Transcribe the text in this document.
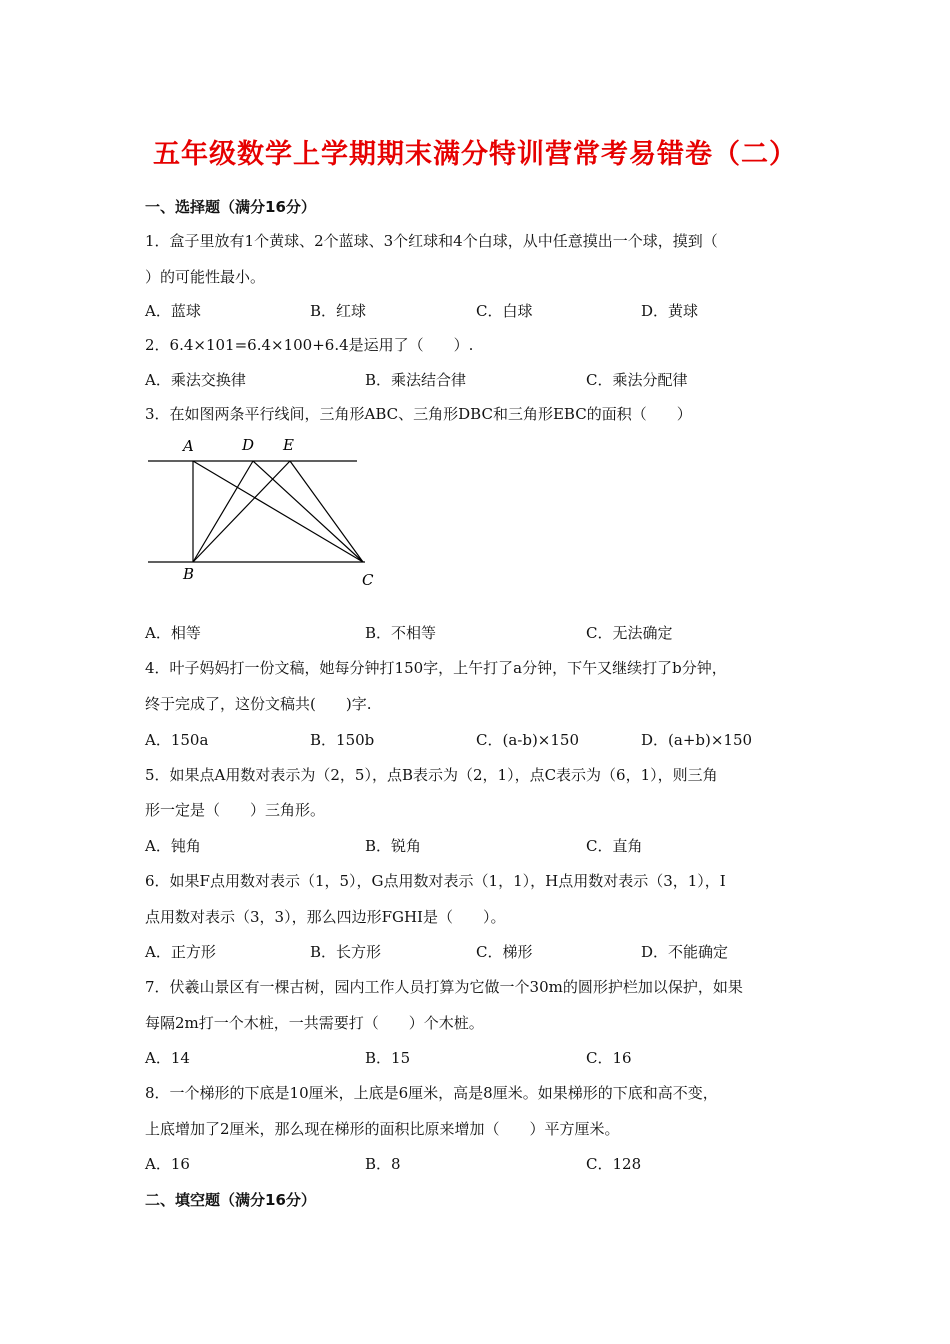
五年级数学上学期期末满分特训营常考易错卷（二）
一、选择题（满分16分）
1．盒子里放有1个黄球、2个蓝球、3个红球和4个白球，从中任意摸出一个球，摸到（
）的可能性最小。
A．蓝球	B．红球	C．白球	D．黄球
2．6.4×101=6.4×100+6.4是运用了（　　）.
A．乘法交换律	B．乘法结合律	C．乘法分配律
3．在如图两条平行线间，三角形ABC、三角形DBC和三角形EBC的面积（　　）
A	D E
B	C
A．相等	B．不相等	C．无法确定
4．叶子妈妈打一份文稿，她每分钟打150字，上午打了a分钟，下午又继续打了b分钟，
终于完成了，这份文稿共(　　)字.
A．150a	B．150b	C．(a-b)×150	D．(a+b)×150
5．如果点A用数对表示为（2，5），点B表示为（2，1），点C表示为（6，1），则三角
形一定是（　　）三角形。
A．钝角	B．锐角	C．直角
6．如果F点用数对表示（1，5），G点用数对表示（1，1），H点用数对表示（3，1），I
点用数对表示（3，3），那么四边形FGHI是（　　）。
A．正方形	B．长方形	C．梯形	D．不能确定
7．伏羲山景区有一棵古树，园内工作人员打算为它做一个30m的圆形护栏加以保护，如果
每隔2m打一个木桩，一共需要打（　　）个木桩。
A．14	B．15	C．16
8．一个梯形的下底是10厘米，上底是6厘米，高是8厘米。如果梯形的下底和高不变，
上底增加了2厘米，那么现在梯形的面积比原来增加（　　）平方厘米。
A．16	B．8	C．128
二、填空题（满分16分）
